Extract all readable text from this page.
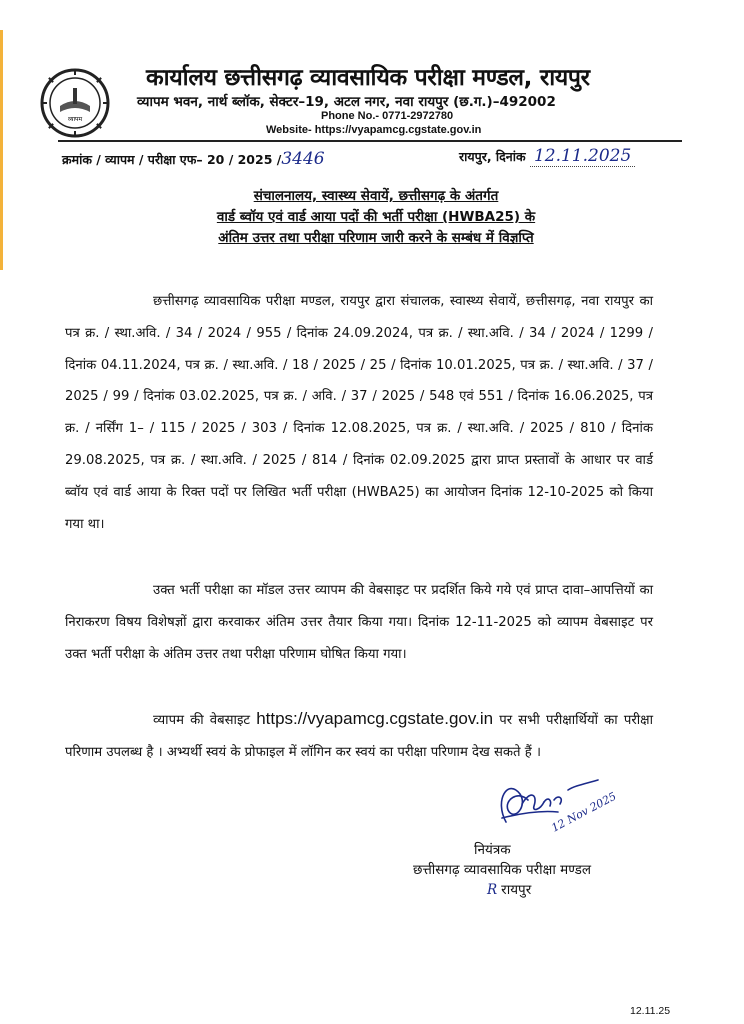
व्यापम
कार्यालय छत्तीसगढ़ व्यावसायिक परीक्षा मण्डल, रायपुर
व्यापम भवन, नार्थ ब्लॉक, सेक्टर–19, अटल नगर, नवा रायपुर (छ.ग.)–492002
Phone No.- 0771-2972780
Website- https://vyapamcg.cgstate.gov.in
क्रमांक / व्यापम / परीक्षा एफ– 20 / 2025 /3446	रायपुर, दिनांक 12.11.2025
संचालनालय, स्वास्थ्य सेवायें, छत्तीसगढ़ के अंतर्गत
वार्ड ब्वॉय एवं वार्ड आया पदों की भर्ती परीक्षा (HWBA25) के
अंतिम उत्तर तथा परीक्षा परिणाम जारी करने के सम्बंध में विज्ञप्ति
छत्तीसगढ़ व्यावसायिक परीक्षा मण्डल, रायपुर द्वारा संचालक, स्वास्थ्य सेवायें, छत्तीसगढ़, नवा रायपुर का पत्र क्र. / स्था.अवि. / 34 / 2024 / 955 / दिनांक 24.09.2024, पत्र क्र. / स्था.अवि. / 34 / 2024 / 1299 / दिनांक 04.11.2024, पत्र क्र. / स्था.अवि. / 18 / 2025 / 25 / दिनांक 10.01.2025, पत्र क्र. / स्था.अवि. / 37 / 2025 / 99 / दिनांक 03.02.2025, पत्र क्र. / अवि. / 37 / 2025 / 548 एवं 551 / दिनांक 16.06.2025, पत्र क्र. / नर्सिंग 1– / 115 / 2025 / 303 / दिनांक 12.08.2025, पत्र क्र. / स्था.अवि. / 2025 / 810 / दिनांक 29.08.2025, पत्र क्र. / स्था.अवि. / 2025 / 814 / दिनांक 02.09.2025 द्वारा प्राप्त प्रस्तावों के आधार पर वार्ड ब्वॉय एवं वार्ड आया के रिक्त पदों पर लिखित भर्ती परीक्षा (HWBA25) का आयोजन दिनांक 12-10-2025 को किया गया था।
उक्त भर्ती परीक्षा का मॉडल उत्तर व्यापम की वेबसाइट पर प्रदर्शित किये गये एवं प्राप्त दावा–आपत्तियों का निराकरण विषय विशेषज्ञों द्वारा करवाकर अंतिम उत्तर तैयार किया गया। दिनांक 12-11-2025 को व्यापम वेबसाइट पर उक्त भर्ती परीक्षा के अंतिम उत्तर तथा परीक्षा परिणाम घोषित किया गया।
व्यापम की वेबसाइट https://vyapamcg.cgstate.gov.in पर सभी परीक्षार्थियों का परीक्षा परिणाम उपलब्ध है । अभ्यर्थी स्वयं के प्रोफाइल में लॉगिन कर स्वयं का परीक्षा परिणाम देख सकते हैं ।
12 Nov 2025
नियंत्रक
छत्तीसगढ़ व्यावसायिक परीक्षा मण्डल
R रायपुर
12.11.25
